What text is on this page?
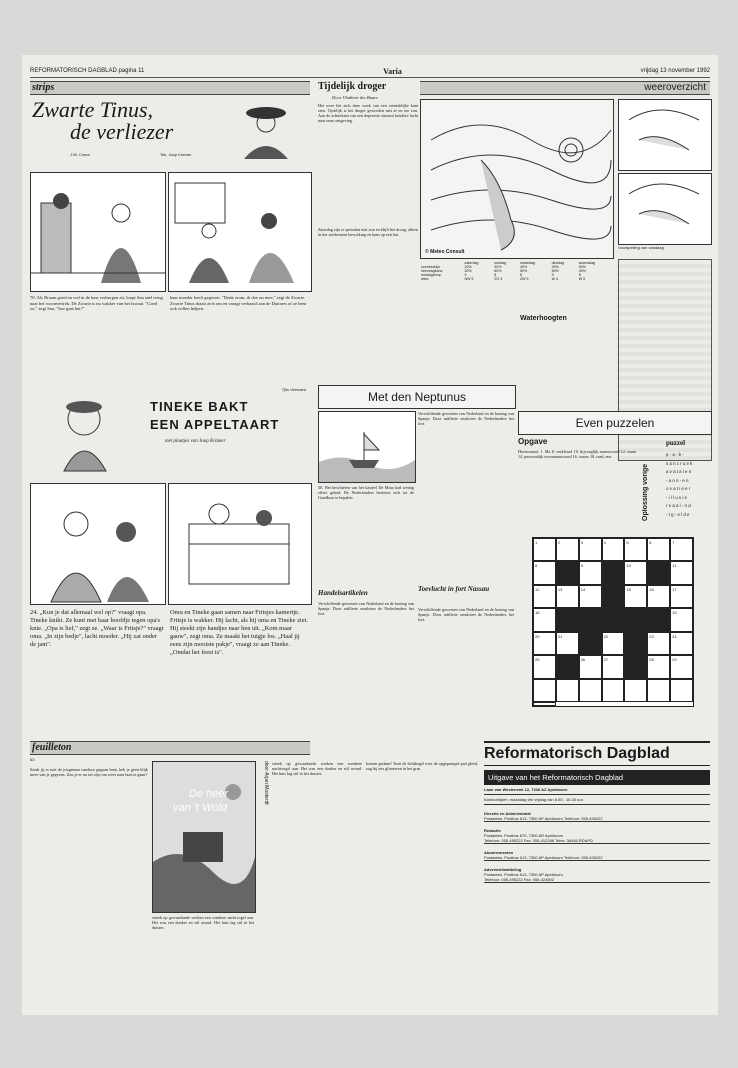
REFORMATORISCH DAGBLAD pagina 11	Varia	vrijdag 13 november 1992
strips
Zwarte Tinus,
de verliezer
J.W. Coma	Tek. Joop Kramer
70. Als Braam goed en wel in de kast verborgen zit, loopt Sna snel terug naar het woonvertrek. De Zwarte is nu wakker van het lawaai. "Goed zo," zegt Sna, "hoe gaat het?"
haar moeder heeft gegeven. "Denk erom, ik doe nu mee," zegt de Zwarte. Zwarte Tinus draait zich om en vraagt verbaasd aan de Duitsers of ze hem ook willen helpen.
Tjits Veenstra
TINEKE BAKT
EEN APPELTAART
met plaatjes van Joop Kramer
24. „Kun je dat allemaal wel op?" vraagt opa. Tineke knikt. Ze kunt met haar hoofdje tegen opa's knie. „Opa is lief," zegt ze. „Waar is Fritsje?" vraagt oma. „In zijn bedje", lacht moeder. „Hij zat onder de jam".
Omu en Tineke gaan samen naar Fritsjes kamertje. Fritsje is wakker. Hij lacht, als hij oma en Tineke ziet. Hij steekt zijn handjes naar hen uit. „Kom maar gauw", zegt oma. Ze maakt het tuigje los. „Haal jij eens zijn mooiste pakje", vraagt ze aan Tineke. „Omdat het feest is".
feuilleton
63
Sinds jij er met de jongeman vandoor gegaan bent, heb je geen blijk meer van je gegeven. Zou je er nu toe zijn om weer naar huis te gaan?
De heer
van 't Wold
door Arjan Mosterdt
streek op gewaarlande werken een sombere nachtvogel aan. Het was een donker en stil avond. Het huis lag stil in het duister.
streek op gewaarlande werken een sombere nachtvogel aan. Het was een donker en stil avond. Het huis lag stil in het duister.
komen gedaan! Toen de lichtkegel over de opgepompte pad gleed, zag hij iets glinsteren in het gras.
Tijdelijk droger
Door Vladimir des Baars
Het weer liet zich deze week van een vriendelijke kant zien. Tijdelijk is het droger geworden met af en toe zon. Aan de achterkant van een depressie stroomt koudere lucht naar onze omgeving.
Zaterdag zijn er perioden met zon en blijft het droog, alleen in het zuidwesten bewolking en kans op een bui.
weeroverzicht
© Meteo Consult
Voorspelling van vandaag
	zaterdag	zondag	maandag	dinsdag	woensdag
zonneschijn	20%	30%	40%	30%	50%
neerslagkans	30%	60%	50%	60%	40%
middagtemp.	9	8	8	9	8
wind	NW 5	ZO 3	ZW 5	W 4	W 5
Waterhoogten
Met den Neptunus
30. Het beschieten van het kasteel De Mina had weinig effect gehad. De Nederlanders besloten zich tot de Goudkust te bepalen.
Handelsartikelen
Verschillende gewesten van Nederland en de koning van Spanje. Door artillerie omsloten de Nederlanders het fort.
Verschillende gewesten van Nederland en de koning van Spanje. Door artillerie omsloten de Nederlanders het fort.
Toevlucht in fort Nassau
Verschillende gewesten van Nederland en de koning van Spanje. Door artillerie omsloten de Nederlanders het fort.
Even puzzelen
Opgave
Horizontaal: 1. Ma 8. verkleurd 10. bijvoeglijk naamwoord 12. munt 14. persoonlijk voornaamwoord 16. zuster 18. raad, enz.
Oplossing vorige
puzzel
p - a - b -
s a n c r u e k
a v a t a l e n
- a n n - e n
o v a t i e e r
- i l l u s i e
r e a a l - n d
- t g - e l d e
1	2	3	4	5	6	7
8	9	10	11
12	13	14	15	16	17
18	19
20	21	22	23	24
25	26	27	28	29
Reformatorisch Dagblad
Uitgave van het Reformatorisch Dagblad
Laan van Westenenk 12, 7336 AZ Apeldoorn
Kantoortijden: maandag t/m vrijdag van 8.00 - 16.30 uur.
Directie en Administratie
Postadres: Postbus 613, 7300 AP Apeldoorn Telefoon: 055-495222
Redactie
Postadres: Postbus 670, 7300 AR Apeldoorn
Telefoon: 055-495222 Fax: 055-412288 Telex: 36445 RDAPD
Abonnementen
Postadres: Postbus 613, 7300 AP Apeldoorn Telefoon: 055-495222
Advertentieafdeling
Postadres: Postbus 613, 7300 AP Apeldoorn
Telefoon: 055-495222 Fax: 055-424802
